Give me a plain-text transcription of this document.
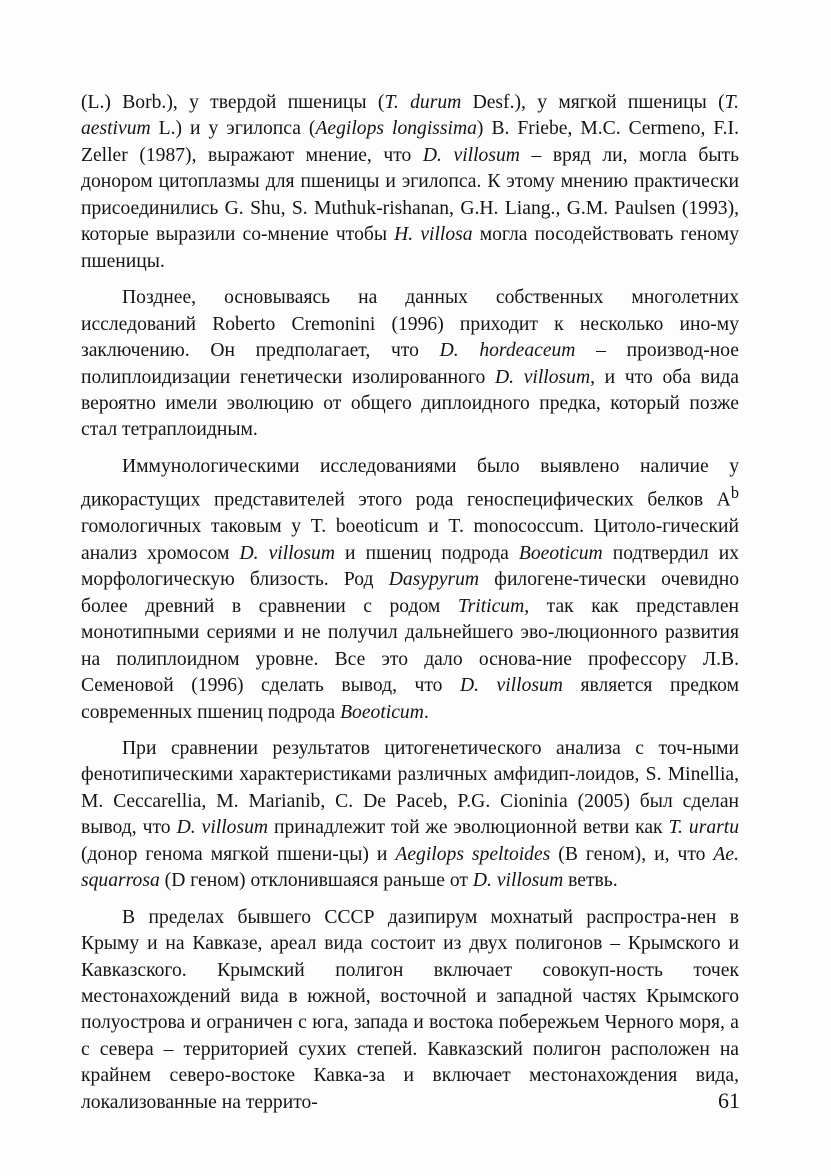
(L.) Borb.), у твердой пшеницы (T. durum Desf.), у мягкой пшеницы (T. aestivum L.) и у эгилопса (Aegilops longissima) B. Friebe, M.C. Cermeno, F.I. Zeller (1987), выражают мнение, что D. villosum – вряд ли, могла быть донором цитоплазмы для пшеницы и эгилопса. К этому мнению практически присоединились G. Shu, S. Muthuk-rishanan, G.H. Liang., G.M. Paulsen (1993), которые выразили со-мнение чтобы H. villosa могла посодействовать геному пшеницы.

Позднее, основываясь на данных собственных многолетних исследований Roberto Cremonini (1996) приходит к несколько ино-му заключению. Он предполагает, что D. hordeaceum – производ-ное полиплоидизации генетически изолированного D. villosum, и что оба вида вероятно имели эволюцию от общего диплоидного предка, который позже стал тетраплоидным.

Иммунологическими исследованиями было выявлено наличие у дикорастущих представителей этого рода геноспецифических белков $A^b$ гомологичных таковым у T. boeoticum и T. monococcum. Цитоло-гический анализ хромосом D. villosum и пшениц подрода Boeoticum подтвердил их морфологическую близость. Род Dasypyrum филогене-тически очевидно более древний в сравнении с родом Triticum, так как представлен монотипными сериями и не получил дальнейшего эво-люционного развития на полиплоидном уровне. Все это дало основа-ние профессору Л.В. Семеновой (1996) сделать вывод, что D. villosum является предком современных пшениц подрода Boeoticum.

При сравнении результатов цитогенетического анализа с точ-ными фенотипическими характеристиками различных амфидип-лоидов, S. Minellia, M. Ceccarellia, M. Marianib, C. De Paceb, P.G. Cioninia (2005) был сделан вывод, что D. villosum принадлежит той же эволюционной ветви как T. urartu (донор генома мягкой пшени-цы) и Aegilops speltoides (B геном), и, что Ae. squarrosa (D геном) отклонившаяся раньше от D. villosum ветвь.

В пределах бывшего СССР дазипирум мохнатый распростра-нен в Крыму и на Кавказе, ареал вида состоит из двух полигонов – Крымского и Кавказского. Крымский полигон включает совокуп-ность точек местонахождений вида в южной, восточной и западной частях Крымского полуострова и ограничен с юга, запада и востока побережьем Черного моря, а с севера – территорией сухих степей. Кавказский полигон расположен на крайнем северо-востоке Кавка-за и включает местонахождения вида, локализованные на террито-	61
